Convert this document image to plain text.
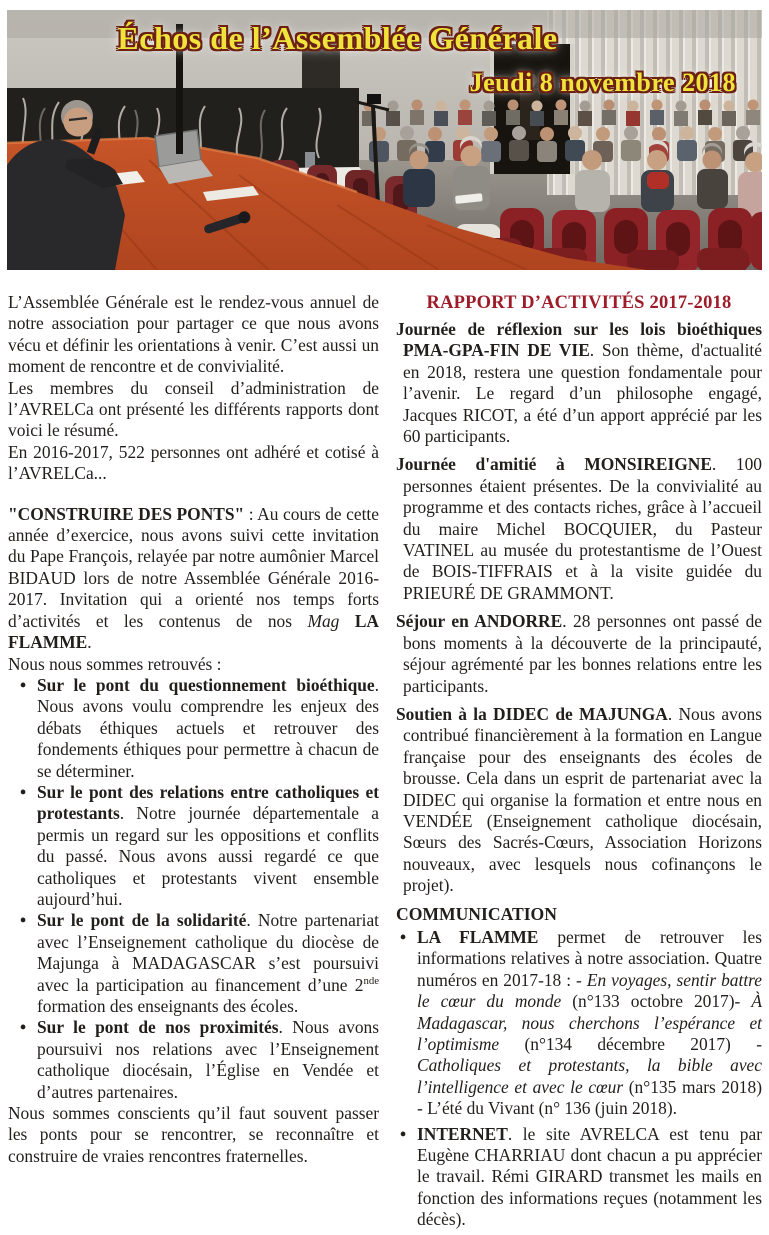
Échos de l’Assemblée Générale
Jeudi 8 novembre 2018

L’Assemblée Générale est le rendez-vous annuel de notre association pour partager ce que nous avons vécu et définir les orientations à venir. C’est aussi un moment de rencontre et de convivialité.

Les membres du conseil d’administration de l’AVRELCa ont présenté les différents rapports dont voici le résumé.

En 2016-2017, 522 personnes ont adhéré et cotisé à l’AVRELCa...

"CONSTRUIRE DES PONTS" : Au cours de cette année d’exercice, nous avons suivi cette invitation du Pape François, relayée par notre aumônier Marcel BIDAUD lors de notre Assemblée Générale 2016-2017. Invitation qui a orienté nos temps forts d’activités et les contenus de nos Mag LA FLAMME.

Nous nous sommes retrouvés :

• Sur le pont du questionnement bioéthique. Nous avons voulu comprendre les enjeux des débats éthiques actuels et retrouver des fondements éthiques pour permettre à chacun de se déterminer.
• Sur le pont des relations entre catholiques et protestants. Notre journée départementale a permis un regard sur les oppositions et conflits du passé. Nous avons aussi regardé ce que catholiques et protestants vivent ensemble aujourd’hui.
• Sur le pont de la solidarité. Notre partenariat avec l’Enseignement catholique du diocèse de Majunga à MADAGASCAR s’est poursuivi avec la participation au financement d’une 2nde formation des enseignants des écoles.
• Sur le pont de nos proximités. Nous avons poursuivi nos relations avec l’Enseignement catholique diocésain, l’Église en Vendée et d’autres partenaires.

Nous sommes conscients qu’il faut souvent passer les ponts pour se rencontrer, se reconnaître et construire de vraies rencontres fraternelles.

RAPPORT D’ACTIVITÉS 2017-2018

Journée de réflexion sur les lois bioéthiques PMA-GPA-FIN DE VIE. Son thème, d'actualité en 2018, restera une question fondamentale pour l’avenir. Le regard d’un philosophe engagé, Jacques RICOT, a été d’un apport apprécié par les 60 participants.

Journée d'amitié à MONSIREIGNE. 100 personnes étaient présentes. De la convivialité au programme et des contacts riches, grâce à l’accueil du maire Michel BOCQUIER, du Pasteur VATINEL au musée du protestantisme de l’Ouest de BOIS-TIFFRAIS et à la visite guidée du PRIEURÉ DE GRAMMONT.

Séjour en ANDORRE. 28 personnes ont passé de bons moments à la découverte de la principauté, séjour agrémenté par les bonnes relations entre les participants.

Soutien à la DIDEC de MAJUNGA. Nous avons contribué financièrement à la formation en Langue française pour des enseignants des écoles de brousse. Cela dans un esprit de partenariat avec la DIDEC qui organise la formation et entre nous en VENDÉE (Enseignement catholique diocésain, Sœurs des Sacrés-Cœurs, Association Horizons nouveaux, avec lesquels nous cofinançons le projet).

COMMUNICATION
• LA FLAMME permet de retrouver les informations relatives à notre association. Quatre numéros en 2017-18 : - En voyages, sentir battre le cœur du monde (n°133 octobre 2017)- À Madagascar, nous cherchons l’espérance et l’optimisme (n°134 décembre 2017) - Catholiques et protestants, la bible avec l’intelligence et avec le cœur (n°135 mars 2018) - L’été du Vivant (n° 136 (juin 2018).
• INTERNET. le site AVRELCA est tenu par Eugène CHARRIAU dont chacun a pu apprécier le travail. Rémi GIRARD transmet les mails en fonction des informations reçues (notamment les décès).
